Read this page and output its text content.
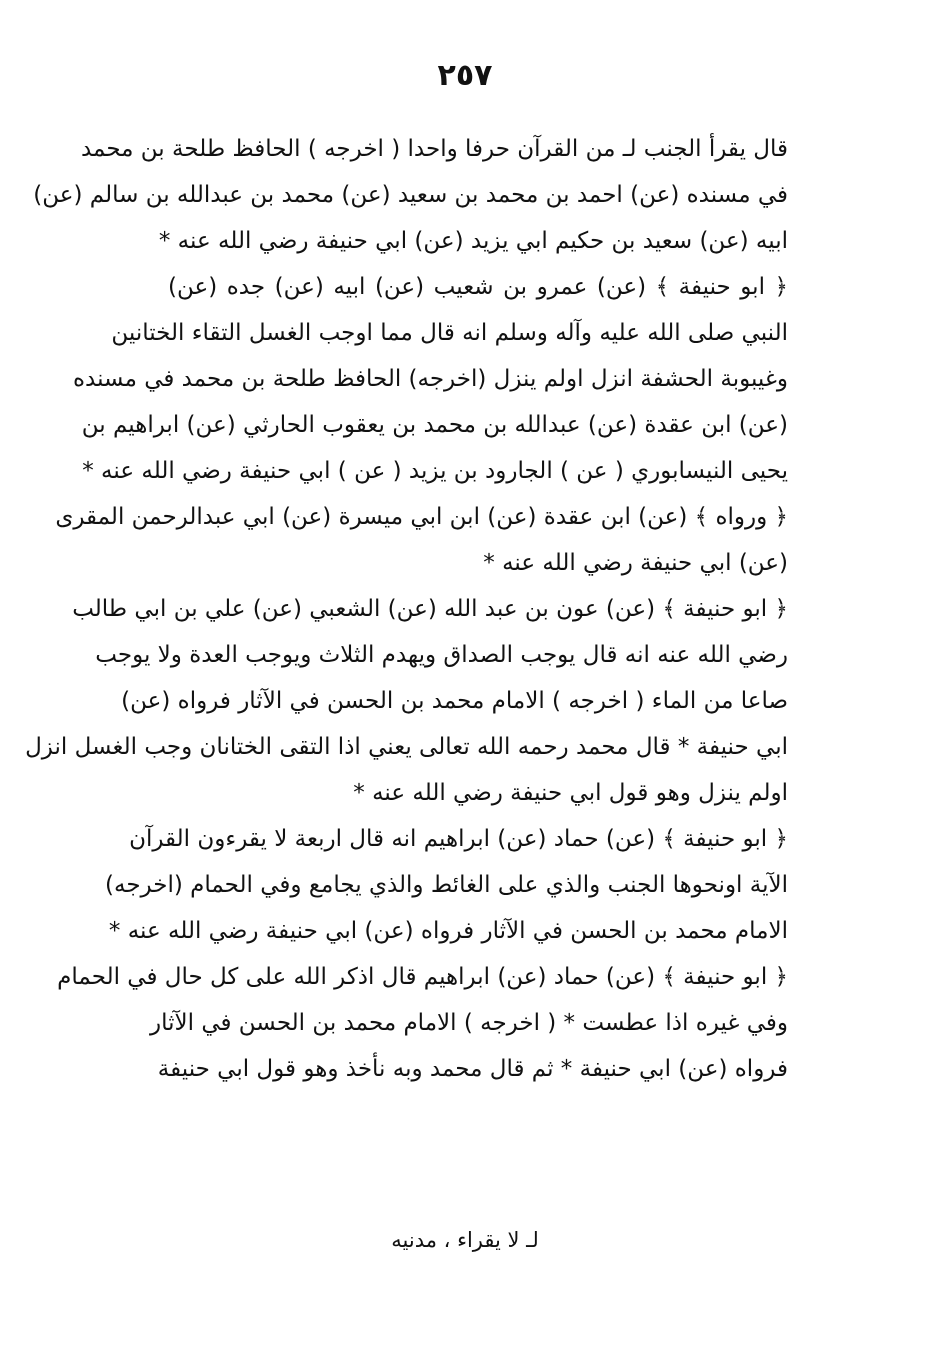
٢٥٧
قال يقرأ الجنب لـ من القرآن حرفا واحدا ( اخرجه ) الحافظ طلحة بن محمد
في مسنده (عن) احمد بن محمد بن سعيد (عن) محمد بن عبدالله بن سالم (عن)
ابيه (عن) سعيد بن حكيم ابي يزيد (عن) ابي حنيفة رضي الله عنه *
﴿ ابو حنيفة ﴾ (عن) عمرو بن شعيب (عن) ابيه (عن) جده (عن)
النبي صلى الله عليه وآله وسلم انه قال مما اوجب الغسل التقاء الختانين
وغيبوبة الحشفة انزل اولم ينزل (اخرجه) الحافظ طلحة بن محمد في مسنده
(عن) ابن عقدة (عن) عبدالله بن محمد بن يعقوب الحارثي (عن) ابراهيم بن
يحيى النيسابوري ( عن ) الجارود بن يزيد ( عن ) ابي حنيفة رضي الله عنه *
﴿ ورواه ﴾ (عن) ابن عقدة (عن) ابن ابي ميسرة (عن) ابي عبدالرحمن المقرى
(عن) ابي حنيفة رضي الله عنه *
﴿ ابو حنيفة ﴾ (عن) عون بن عبد الله (عن) الشعبي (عن) علي بن ابي طالب
رضي الله عنه انه قال يوجب الصداق ويهدم الثلاث ويوجب العدة ولا يوجب
صاعا من الماء ( اخرجه ) الامام محمد بن الحسن في الآثار فرواه (عن)
ابي حنيفة * قال محمد رحمه الله تعالى يعني اذا التقى الختانان وجب الغسل انزل
اولم ينزل وهو قول ابي حنيفة رضي الله عنه *
﴿ ابو حنيفة ﴾ (عن) حماد (عن) ابراهيم انه قال اربعة لا يقرءون القرآن
الآية اونحوها الجنب والذي على الغائط والذي يجامع وفي الحمام (اخرجه)
الامام محمد بن الحسن في الآثار فرواه (عن) ابي حنيفة رضي الله عنه *
﴿ ابو حنيفة ﴾ (عن) حماد (عن) ابراهيم قال اذكر الله على كل حال في الحمام
وفي غيره اذا عطست * ( اخرجه ) الامام محمد بن الحسن في الآثار
فرواه (عن) ابي حنيفة * ثم قال محمد وبه نأخذ وهو قول ابي حنيفة
لـ لا يقراء ، مدنيه
